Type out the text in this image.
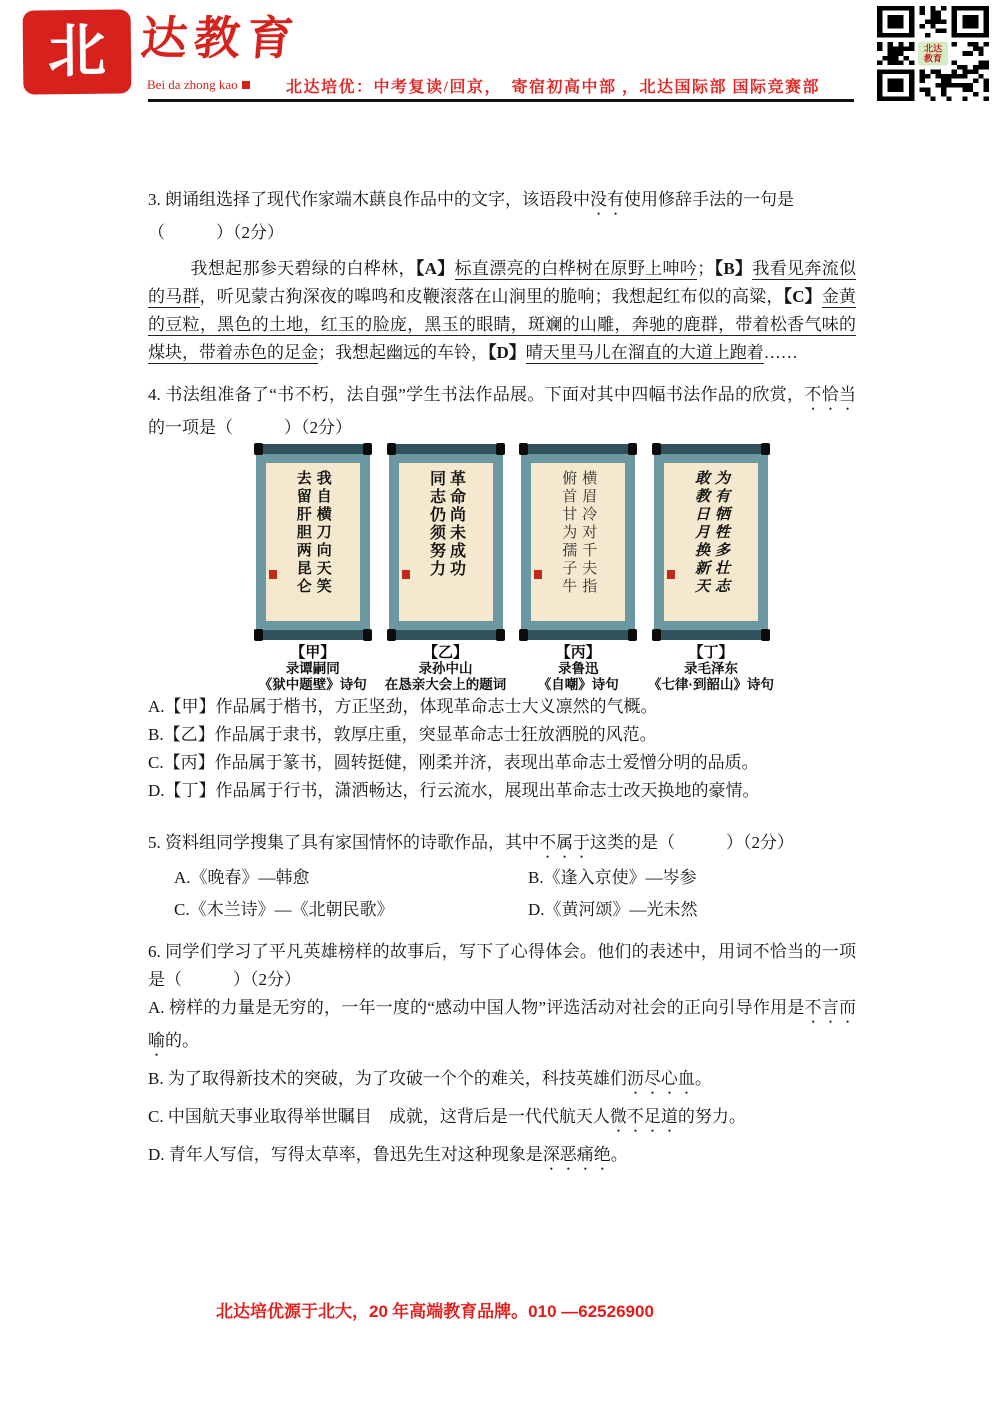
北 达教育
Bei da zhong kao	北达培优：中考复读/回京，　寄宿初高中部 ，北达国际部 国际竞赛部
北达教育
3. 朗诵组选择了现代作家端木蕻良作品中的文字，该语段中没有使用修辞手法的一句是
（　　　）（2分）
我想起那参天碧绿的白桦林，【A】标直漂亮的白桦树在原野上呻吟；【B】我看见奔流似的马群，听见蒙古狗深夜的嗥鸣和皮鞭滚落在山涧里的脆响；我想起红布似的高粱，【C】金黄的豆粒，黑色的土地，红玉的脸庞，黑玉的眼睛，斑斓的山雕，奔驰的鹿群，带着松香气味的煤块，带着赤色的足金；我想起幽远的车铃，【D】晴天里马儿在溜直的大道上跑着……
4. 书法组准备了“书不朽，法自强”学生书法作品展。下面对其中四幅书法作品的欣赏，不恰当的一项是（　　　）（2分）
我自横刀向天笑
去留肝胆两昆仑
【甲】
录谭嗣同
《狱中题壁》诗句
革命尚未成功
同志仍须努力
【乙】
录孙中山
在恳亲大会上的题词
横眉冷对千夫指
俯首甘为孺子牛
【丙】
录鲁迅
《自嘲》诗句
为有牺牲多壮志
敢教日月换新天
【丁】
录毛泽东
《七律·到韶山》诗句
A.【甲】作品属于楷书，方正坚劲，体现革命志士大义凛然的气概。
B.【乙】作品属于隶书，敦厚庄重，突显革命志士狂放洒脱的风范。
C.【丙】作品属于篆书，圆转挺健，刚柔并济，表现出革命志士爱憎分明的品质。
D.【丁】作品属于行书，潇洒畅达，行云流水，展现出革命志士改天换地的豪情。
5. 资料组同学搜集了具有家国情怀的诗歌作品，其中不属于这类的是（　　　）（2分）
A.《晚春》—韩愈	B.《逢入京使》—岑参
C.《木兰诗》—《北朝民歌》	D.《黄河颂》—光未然
6. 同学们学习了平凡英雄榜样的故事后，写下了心得体会。他们的表述中，用词不恰当的一项是（　　　）（2分）
A. 榜样的力量是无穷的，一年一度的“感动中国人物”评选活动对社会的正向引导作用是不言而喻的。
B. 为了取得新技术的突破，为了攻破一个个的难关，科技英雄们沥尽心血。
C. 中国航天事业取得举世瞩目　成就，这背后是一代代航天人微不足道的努力。
D. 青年人写信，写得太草率，鲁迅先生对这种现象是深恶痛绝。
北达培优源于北大，20 年高端教育品牌。010 —62526900
